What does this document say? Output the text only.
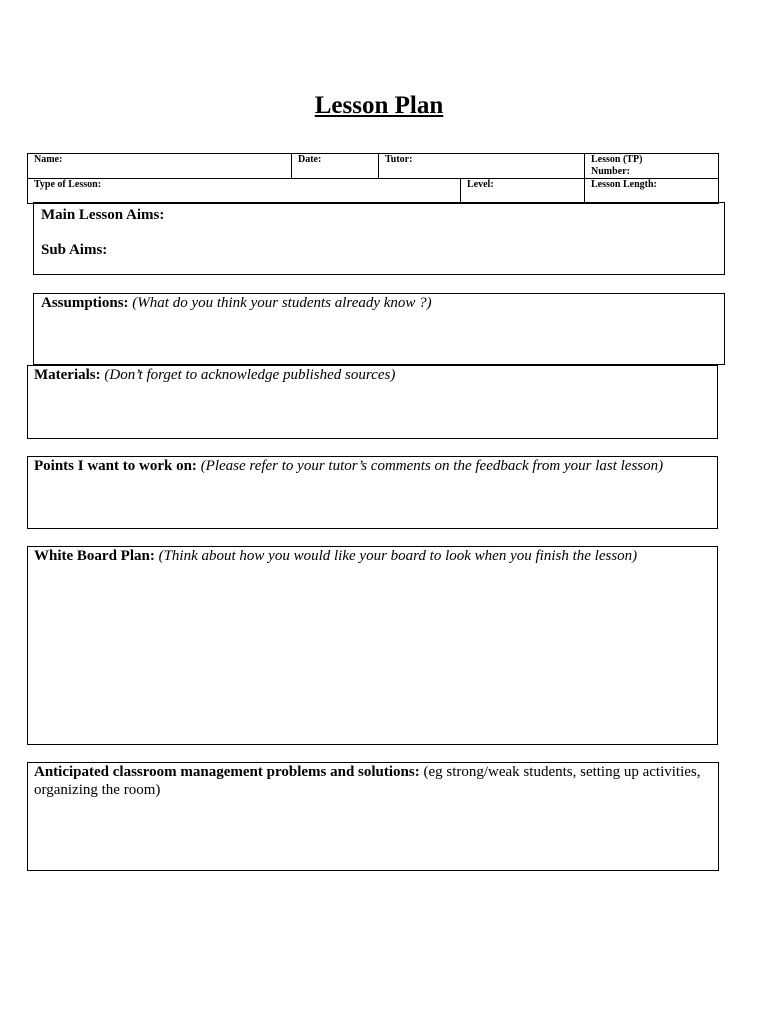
Lesson Plan
Name:	Date:	Tutor:		Lesson (TP)
Number:

Type of Lesson:			Level:	Lesson Length:
Main Lesson Aims:
Sub Aims:
Assumptions: (What do you think your students already know ?)
Materials: (Don’t forget to acknowledge published sources)
Points I want to work on: (Please refer to your tutor’s comments on the feedback from your last lesson)
White Board Plan: (Think about how you would like your board to look when you finish the lesson)
Anticipated classroom management problems and solutions: (eg strong/weak students, setting up activities, organizing the room)
